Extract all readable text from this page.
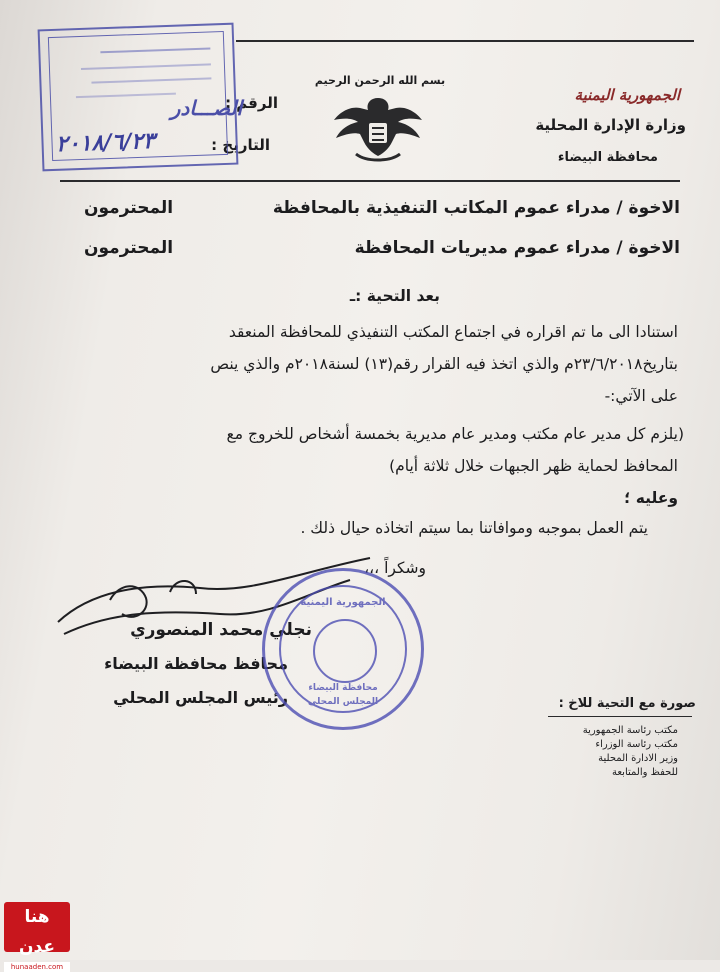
الجمهورية اليمنية
وزارة الإدارة المحلية
محافظة البيضاء
بسم الله الرحمن الرحيم
الرقم :
التاريخ :
الصـــادر
٢٠١٨/٦/٢٣
الاخوة / مدراء عموم المكاتب التنفيذية بالمحافظة
المحترمون
الاخوة / مدراء عموم مديريات المحافظة
المحترمون
بعد التحية :ـ
استنادا الى ما تم اقراره في اجتماع المكتب التنفيذي للمحافظة المنعقد
بتاريخ٢٣/٦/٢٠١٨م والذي اتخذ فيه القرار رقم(١٣) لسنة٢٠١٨م والذي ينص
على الآتي:-
(يلزم كل مدير عام مكتب ومدير عام مديرية بخمسة أشخاص للخروج مع
المحافظ لحماية ظهر الجبهات خلال ثلاثة أيام)
وعليه ؛
يتم العمل بموجبه وموافاتنا بما سيتم اتخاذه حيال ذلك .
وشكراً ،،،
نجلي محمد المنصوري
محافظ محافظة البيضاء
رئيس المجلس المحلي
الجمهورية اليمنية
محافظة البيضاء
المجلس المحلي	صورة مع التحية للاخ :
مكتب رئاسة الجمهورية
مكتب رئاسة الوزراء
وزير الادارة المحلية
للحفظ والمتابعة
هنا عدن
hunaaden.com
